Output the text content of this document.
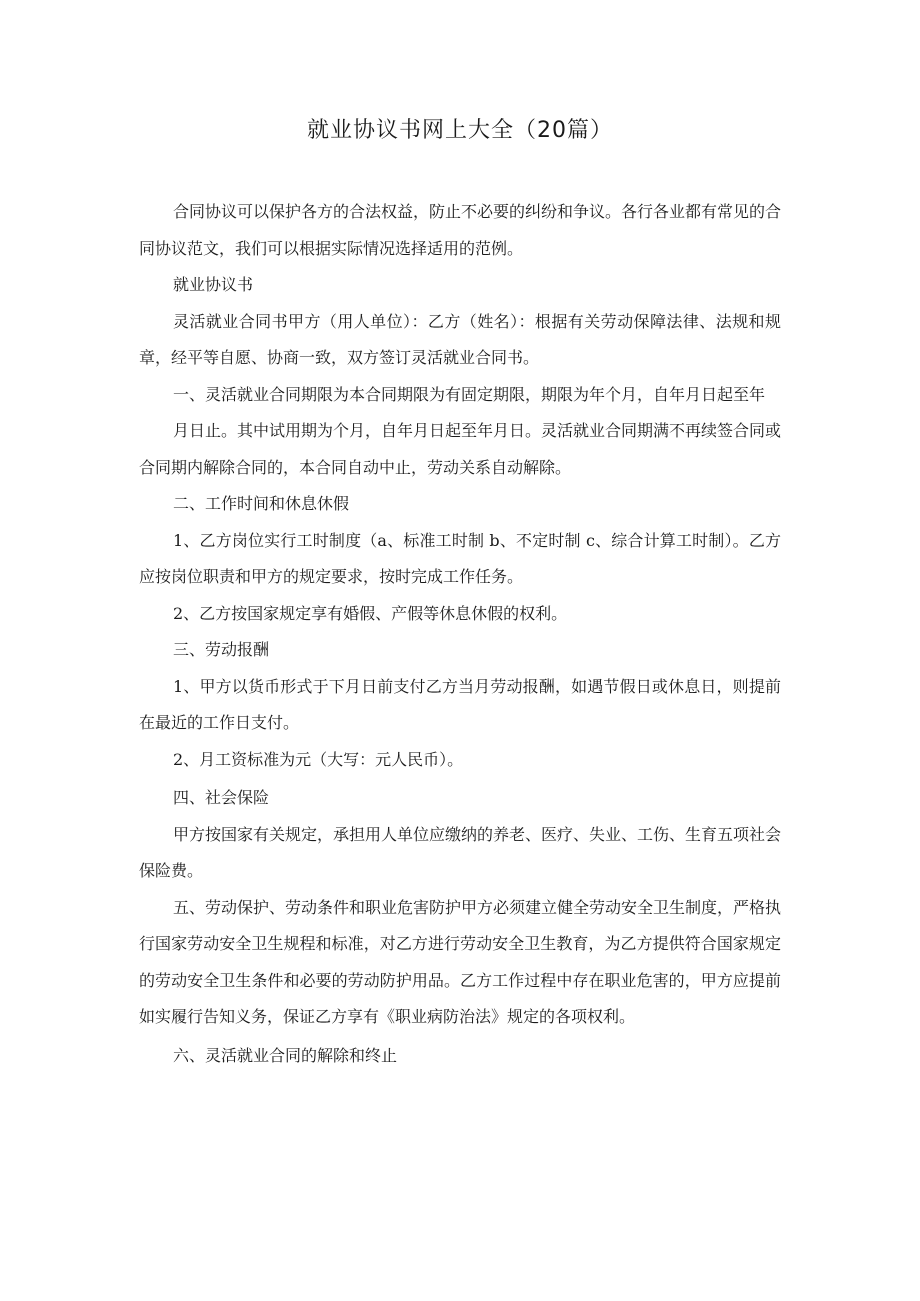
就业协议书网上大全（20篇）

合同协议可以保护各方的合法权益，防止不必要的纠纷和争议。各行各业都有常见的合同协议范文，我们可以根据实际情况选择适用的范例。

就业协议书

灵活就业合同书甲方（用人单位）：乙方（姓名）：根据有关劳动保障法律、法规和规章，经平等自愿、协商一致，双方签订灵活就业合同书。

一、灵活就业合同期限为本合同期限为有固定期限，期限为年个月，自年月日起至年

月日止。其中试用期为个月，自年月日起至年月日。灵活就业合同期满不再续签合同或合同期内解除合同的，本合同自动中止，劳动关系自动解除。

二、工作时间和休息休假

1、乙方岗位实行工时制度（a、标准工时制 b、不定时制 c、综合计算工时制）。乙方应按岗位职责和甲方的规定要求，按时完成工作任务。

2、乙方按国家规定享有婚假、产假等休息休假的权利。

三、劳动报酬

1、甲方以货币形式于下月日前支付乙方当月劳动报酬，如遇节假日或休息日，则提前在最近的工作日支付。

2、月工资标准为元（大写：元人民币）。

四、社会保险

甲方按国家有关规定，承担用人单位应缴纳的养老、医疗、失业、工伤、生育五项社会保险费。

五、劳动保护、劳动条件和职业危害防护甲方必须建立健全劳动安全卫生制度，严格执行国家劳动安全卫生规程和标准，对乙方进行劳动安全卫生教育，为乙方提供符合国家规定的劳动安全卫生条件和必要的劳动防护用品。乙方工作过程中存在职业危害的，甲方应提前如实履行告知义务，保证乙方享有《职业病防治法》规定的各项权利。

六、灵活就业合同的解除和终止
